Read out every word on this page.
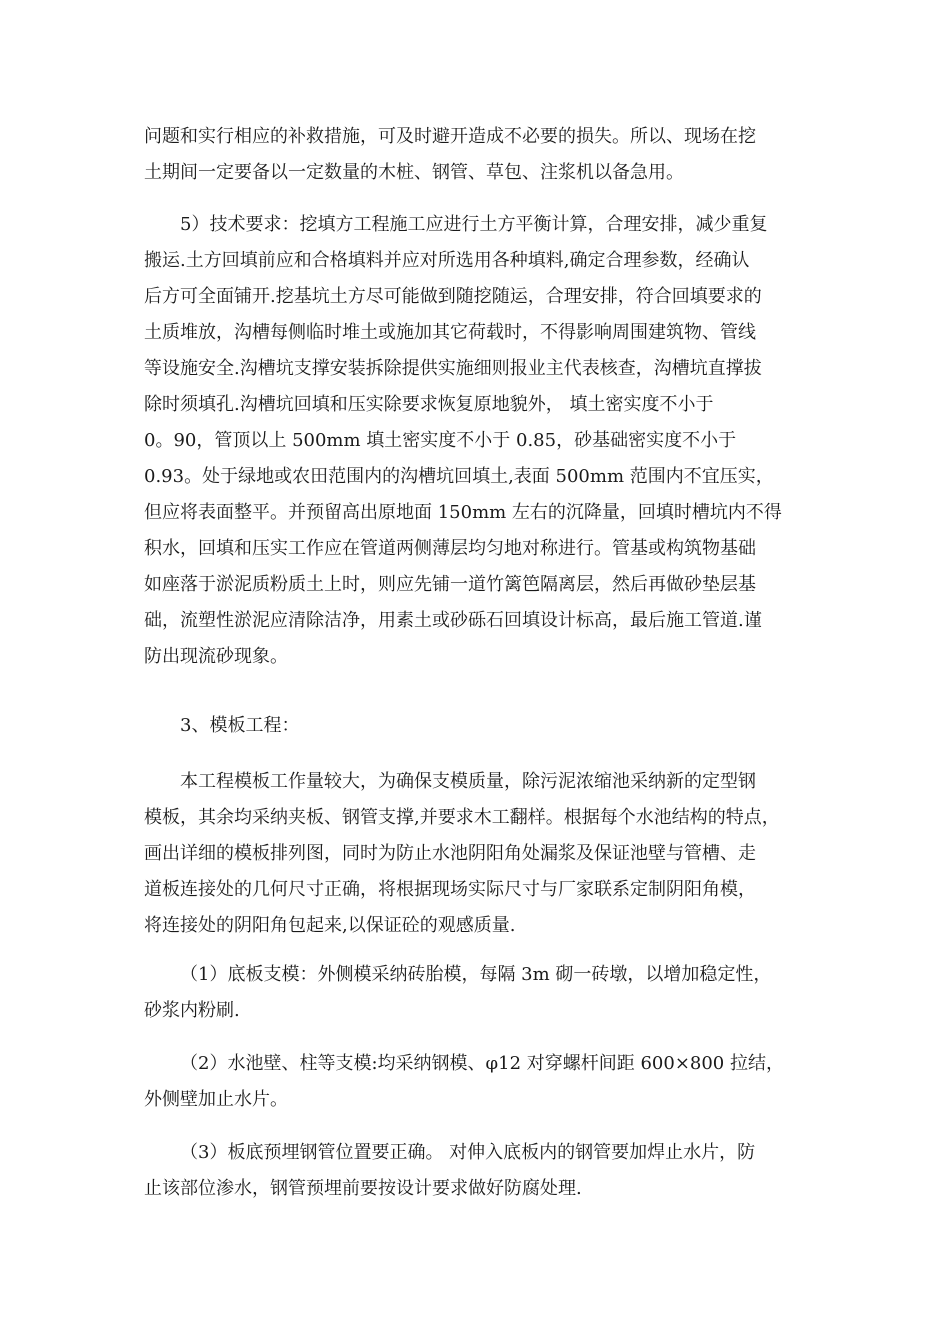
问题和实行相应的补救措施，可及时避开造成不必要的损失。所以、现场在挖
土期间一定要备以一定数量的木桩、钢管、草包、注浆机以备急用。
5）技术要求：挖填方工程施工应进行土方平衡计算，合理安排，减少重复
搬运.土方回填前应和合格填料并应对所选用各种填料,确定合理参数，经确认
后方可全面铺开.挖基坑土方尽可能做到随挖随运，合理安排，符合回填要求的
土质堆放，沟槽每侧临时堆土或施加其它荷载时，不得影响周围建筑物、管线
等设施安全.沟槽坑支撑安装拆除提供实施细则报业主代表核查，沟槽坑直撑拔
除时须填孔.沟槽坑回填和压实除要求恢复原地貌外， 填土密实度不小于
0。90，管顶以上 500mm 填土密实度不小于 0.85，砂基础密实度不小于
0.93。处于绿地或农田范围内的沟槽坑回填土,表面 500mm 范围内不宜压实，
但应将表面整平。并预留高出原地面 150mm 左右的沉降量，回填时槽坑内不得
积水，回填和压实工作应在管道两侧薄层均匀地对称进行。管基或构筑物基础
如座落于淤泥质粉质土上时，则应先铺一道竹篱笆隔离层，然后再做砂垫层基
础，流塑性淤泥应清除洁净，用素土或砂砾石回填设计标高，最后施工管道.谨
防出现流砂现象。
3、模板工程：
本工程模板工作量较大，为确保支模质量，除污泥浓缩池采纳新的定型钢
模板，其余均采纳夹板、钢管支撑,并要求木工翻样。根据每个水池结构的特点，
画出详细的模板排列图，同时为防止水池阴阳角处漏浆及保证池壁与管槽、走
道板连接处的几何尺寸正确，将根据现场实际尺寸与厂家联系定制阴阳角模，
将连接处的阴阳角包起来,以保证砼的观感质量.
（1）底板支模：外侧模采纳砖胎模，每隔 3m 砌一砖墩，以增加稳定性，
砂浆内粉刷.
（2）水池壁、柱等支模:均采纳钢模、φ12 对穿螺杆间距 600×800 拉结，
外侧壁加止水片。
（3）板底预埋钢管位置要正确。 对伸入底板内的钢管要加焊止水片，防
止该部位渗水，钢管预埋前要按设计要求做好防腐处理.
